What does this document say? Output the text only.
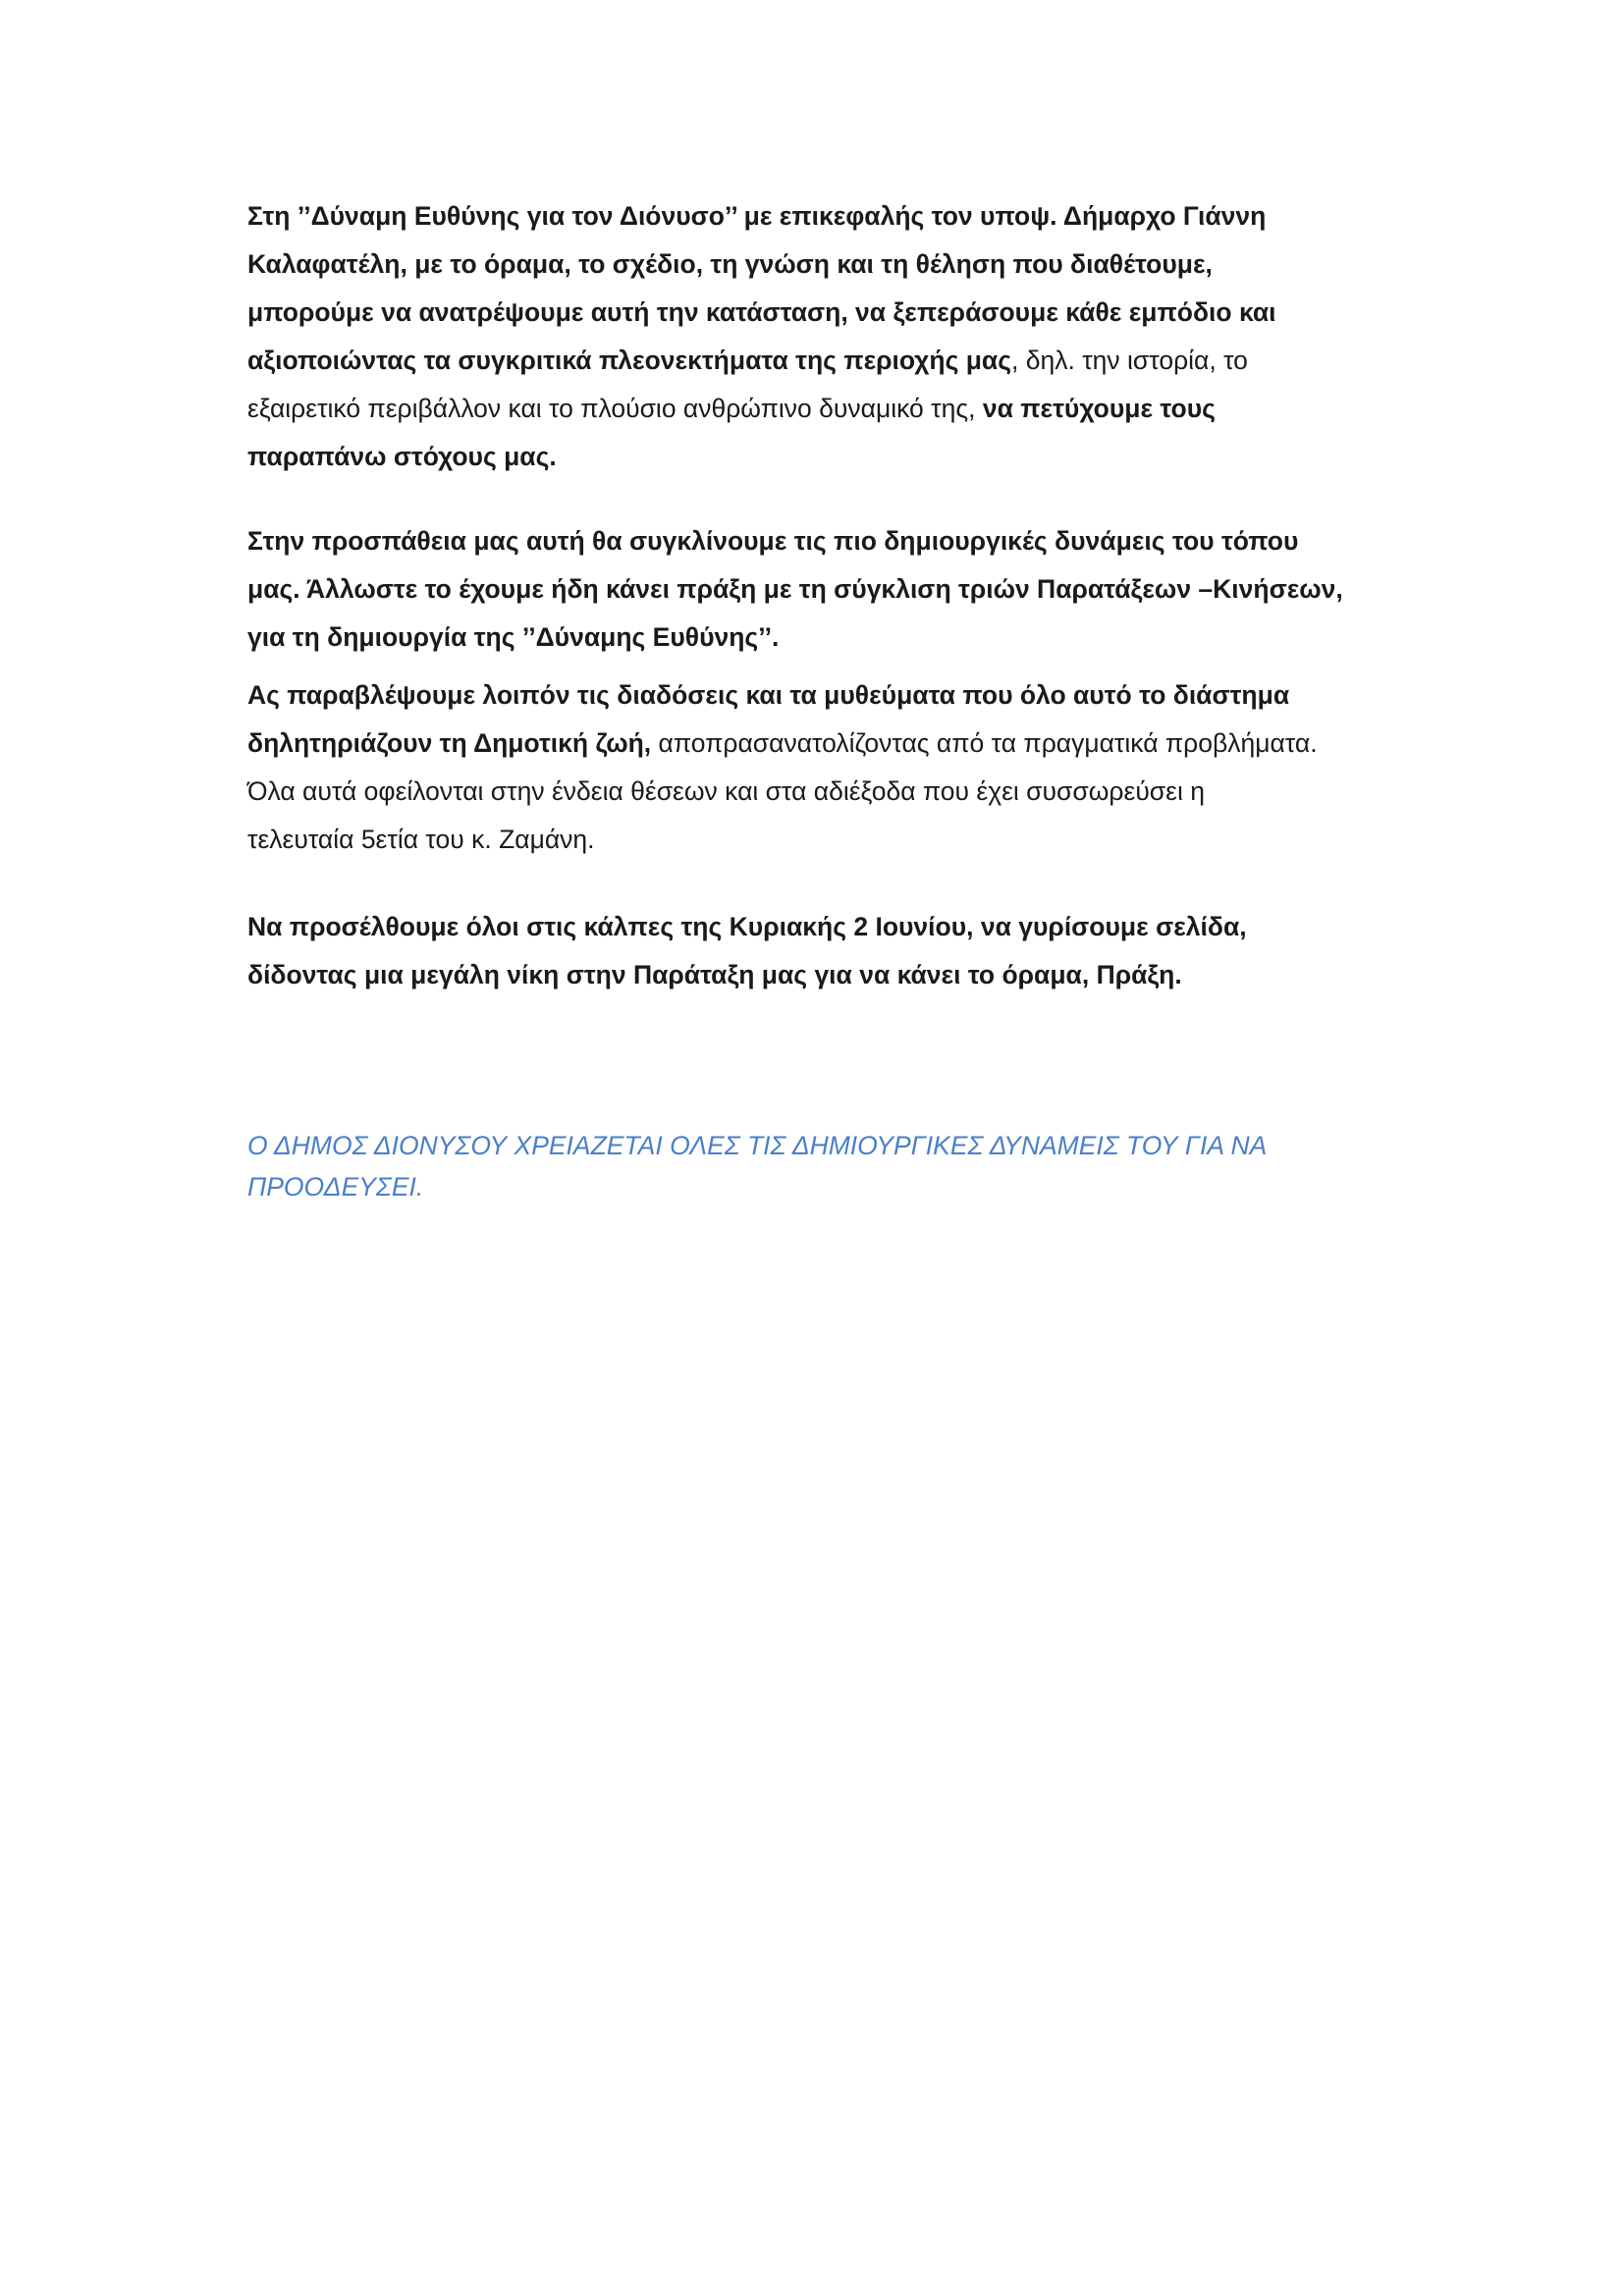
Στη ’’Δύναμη Ευθύνης για τον Διόνυσο’’ με επικεφαλής τον υποψ. Δήμαρχο Γιάννη
Καλαφατέλη, με το όραμα, το σχέδιο, τη γνώση και τη θέληση που διαθέτουμε,
μπορούμε να ανατρέψουμε αυτή την κατάσταση, να ξεπεράσουμε κάθε εμπόδιο και
αξιοποιώντας τα συγκριτικά πλεονεκτήματα της περιοχής μας, δηλ. την ιστορία, το
εξαιρετικό περιβάλλον και το πλούσιο ανθρώπινο δυναμικό της, να πετύχουμε τους
παραπάνω στόχους μας.

Στην προσπάθεια μας αυτή θα συγκλίνουμε τις πιο δημιουργικές δυνάμεις του τόπου
μας. Άλλωστε το έχουμε ήδη κάνει πράξη με τη σύγκλιση τριών Παρατάξεων –Κινήσεων,
για τη δημιουργία της ’’Δύναμης Ευθύνης’’.

Ας παραβλέψουμε λοιπόν τις διαδόσεις και τα μυθεύματα που όλο αυτό το διάστημα
δηλητηριάζουν τη Δημοτική ζωή, αποπρασανατολίζοντας από τα πραγματικά προβλήματα.
Όλα αυτά οφείλονται στην ένδεια θέσεων και στα αδιέξοδα που έχει συσσωρεύσει η
τελευταία 5ετία του κ. Ζαμάνη.

Να προσέλθουμε όλοι στις κάλπες της Κυριακής 2 Ιουνίου, να γυρίσουμε σελίδα,
δίδοντας μια μεγάλη νίκη στην Παράταξη μας για να κάνει το όραμα, Πράξη.

Ο ΔΗΜΟΣ ΔΙΟΝΥΣΟΥ ΧΡΕΙΑΖΕΤΑΙ ΟΛΕΣ ΤΙΣ ΔΗΜΙΟΥΡΓΙΚΕΣ ΔΥΝΑΜΕΙΣ ΤΟΥ ΓΙΑ ΝΑ
ΠΡΟΟΔΕΥΣΕΙ.
